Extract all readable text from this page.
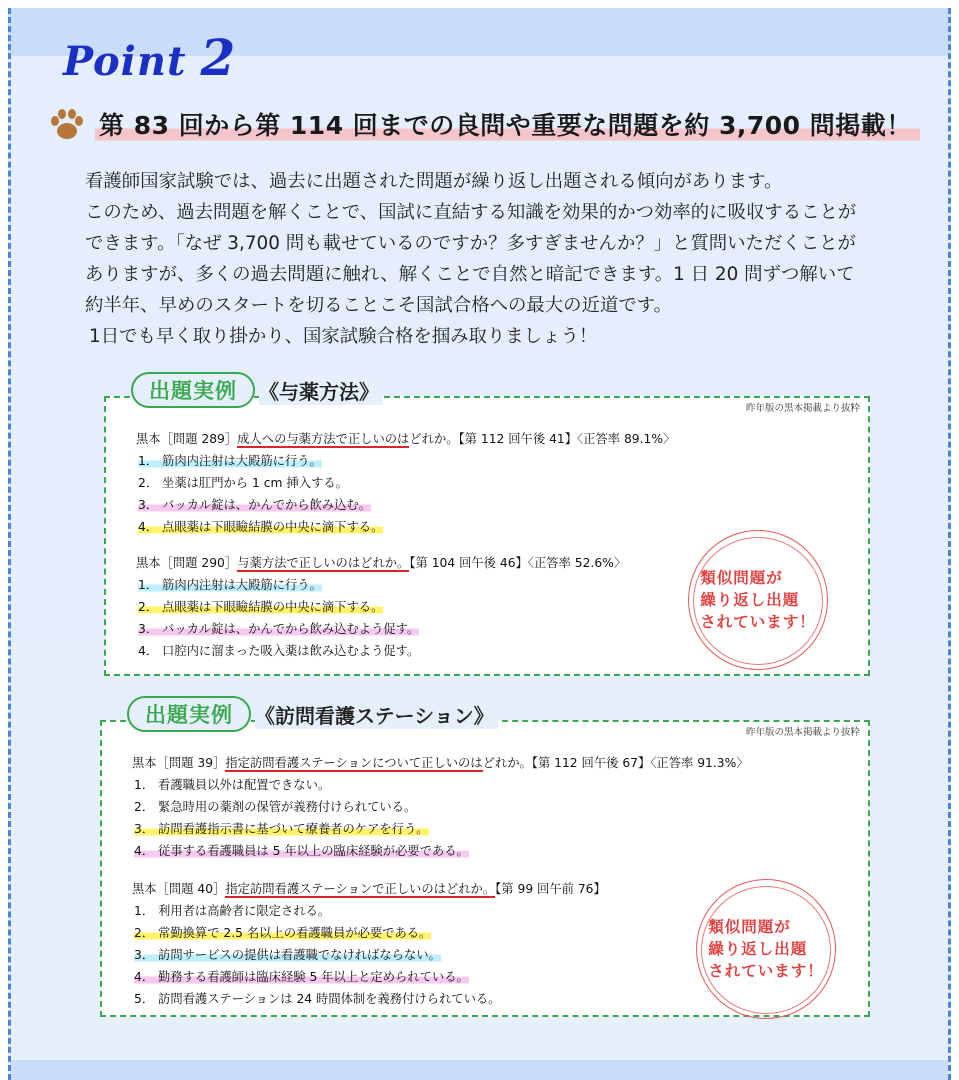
Point 2
第 83 回から第 114 回までの良問や重要な問題を約 3,700 問掲載！

看護師国家試験では、過去に出題された問題が繰り返し出題される傾向があります。

このため、過去問題を解くことで、国試に直結する知識を効果的かつ効率的に吸収することが

できます。「なぜ 3,700 問も載せているのですか？多すぎませんか？」と質問いただくことが

ありますが、多くの過去問題に触れ、解くことで自然と暗記できます。1 日 20 問ずつ解いて

約半年、早めのスタートを切ることこそ国試合格への最大の近道です。

1日でも早く取り掛かり、国家試験合格を掴み取りましょう！

昨年版の黒本掲載より抜粋
黒本［問題 289］成人への与薬方法で正しいのはどれか。【第 112 回午後 41】〈正答率 89.1%〉
1． 筋肉内注射は大殿筋に行う。
2． 坐薬は肛門から 1 cm 挿入する。
3． バッカル錠は、かんでから飲み込む。
4． 点眼薬は下眼瞼結膜の中央に滴下する。
黒本［問題 290］与薬方法で正しいのはどれか。【第 104 回午後 46】〈正答率 52.6%〉
1． 筋肉内注射は大殿筋に行う。
2． 点眼薬は下眼瞼結膜の中央に滴下する。
3． バッカル錠は、かんでから飲み込むよう促す。
4． 口腔内に溜まった吸入薬は飲み込むよう促す。
類似問題が
繰り返し出題
されています！
出題実例	《与薬方法》
昨年版の黒本掲載より抜粋
黒本［問題 39］指定訪問看護ステーションについて正しいのはどれか。【第 112 回午後 67】〈正答率 91.3%〉
1． 看護職員以外は配置できない。
2． 緊急時用の薬剤の保管が義務付けられている。
3． 訪問看護指示書に基づいて療養者のケアを行う。
4． 従事する看護職員は 5 年以上の臨床経験が必要である。
黒本［問題 40］指定訪問看護ステーションで正しいのはどれか。【第 99 回午前 76】
1． 利用者は高齢者に限定される。
2． 常勤換算で 2.5 名以上の看護職員が必要である。
3． 訪問サービスの提供は看護職でなければならない。
4． 勤務する看護師は臨床経験 5 年以上と定められている。
5． 訪問看護ステーションは 24 時間体制を義務付けられている。
類似問題が
繰り返し出題
されています！
出題実例	《訪問看護ステーション》
